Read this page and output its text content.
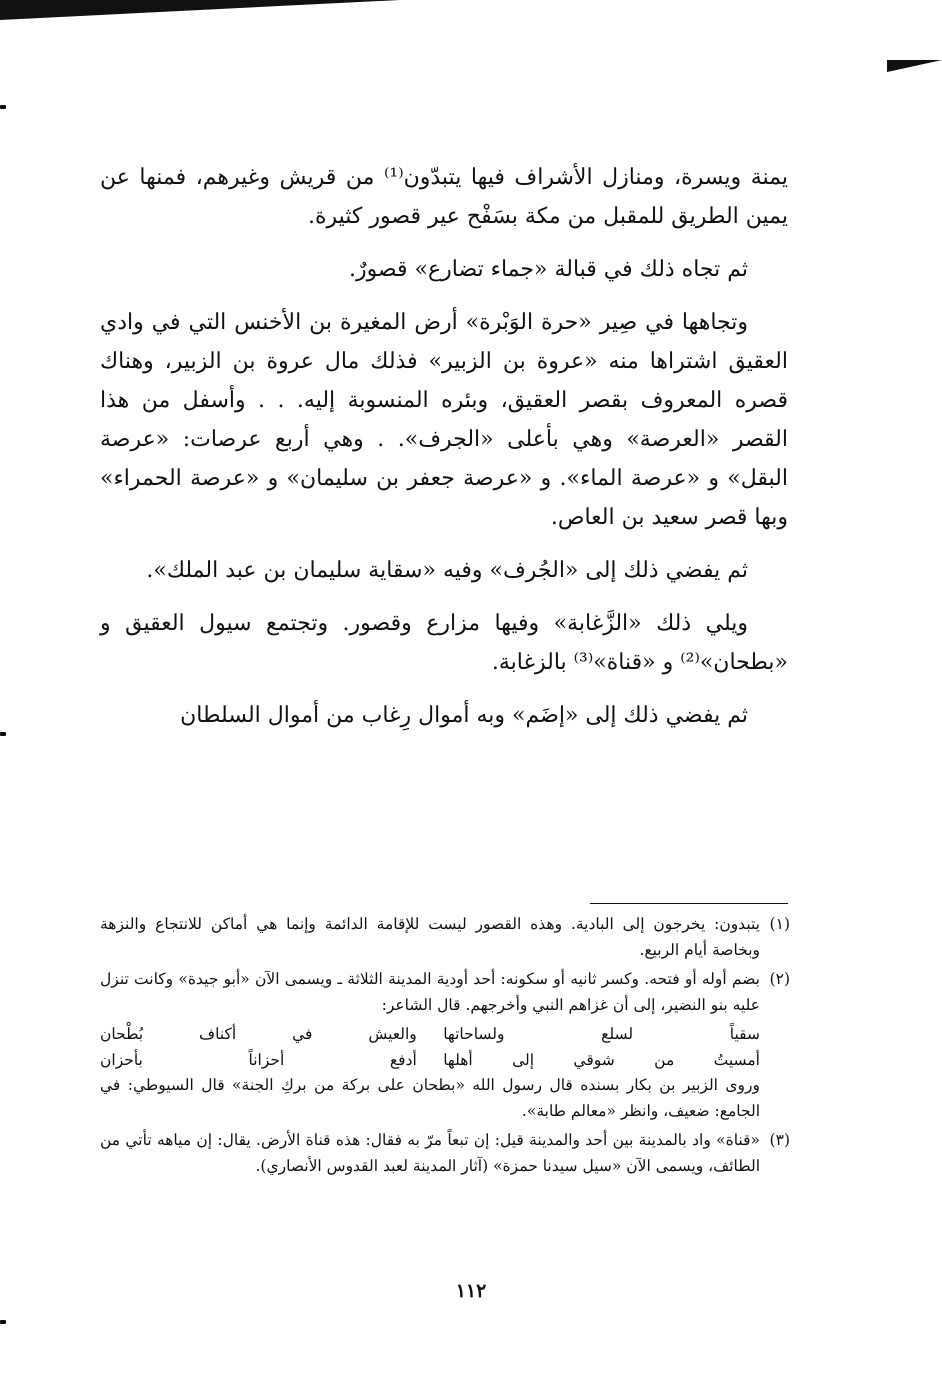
يمنة ويسرة، ومنازل الأشراف فيها يتبدّون⁽¹⁾ من قريش وغيرهم، فمنها عن يمين الطريق للمقبل من مكة بسَفْح عير قصور كثيرة.

ثم تجاه ذلك في قبالة «جماء تضارع» قصورٌ.

وتجاهها في صِير «حرة الوَبْرة» أرض المغيرة بن الأخنس التي في وادي العقيق اشتراها منه «عروة بن الزبير» فذلك مال عروة بن الزبير، وهناك قصره المعروف بقصر العقيق، وبئره المنسوبة إليه. . . وأسفل من هذا القصر «العرصة» وهي بأعلى «الجرف». . وهي أربع عرصات: «عرصة البقل» و «عرصة الماء». و «عرصة جعفر بن سليمان» و «عرصة الحمراء» وبها قصر سعيد بن العاص.

ثم يفضي ذلك إلى «الجُرف» وفيه «سقاية سليمان بن عبد الملك».

ويلي ذلك «الزَّغابة» وفيها مزارع وقصور. وتجتمع سيول العقيق و «بطحان»⁽²⁾ و «قناة»⁽³⁾ بالزغابة.

ثم يفضي ذلك إلى «إضَم» وبه أموال رِغاب من أموال السلطان

(١)
يتبدون: يخرجون إلى البادية. وهذه القصور ليست للإقامة الدائمة وإنما هي أماكن للانتجاع والنزهة وبخاصة أيام الربيع.
(٢)
بضم أوله أو فتحه. وكسر ثانيه أو سكونه: أحد أودية المدينة الثلاثة ـ ويسمى الآن «أبو جيدة» وكانت تنزل عليه بنو النضير، إلى أن غزاهم النبي وأخرجهم. قال الشاعر:
سقياً لسلع ولساحاتها
والعيش في أكناف بُطْحان
أمسيتُ من شوقي إلى أهلها
أدفع أحزاناً بأحزان
وروى الزبير بن بكار بسنده قال رسول الله «بطحان على بركة من بركِ الجنة» قال السيوطي: في الجامع: ضعيف، وانظر «معالم طابة».
(٣)
«قناة» واد بالمدينة بين أحد والمدينة قيل: إن تبعاً مرّ به فقال: هذه قناة الأرض. يقال: إن مياهه تأتي من الطائف، ويسمى الآن «سيل سيدنا حمزة» (آثار المدينة لعبد القدوس الأنصاري).
١١٢
